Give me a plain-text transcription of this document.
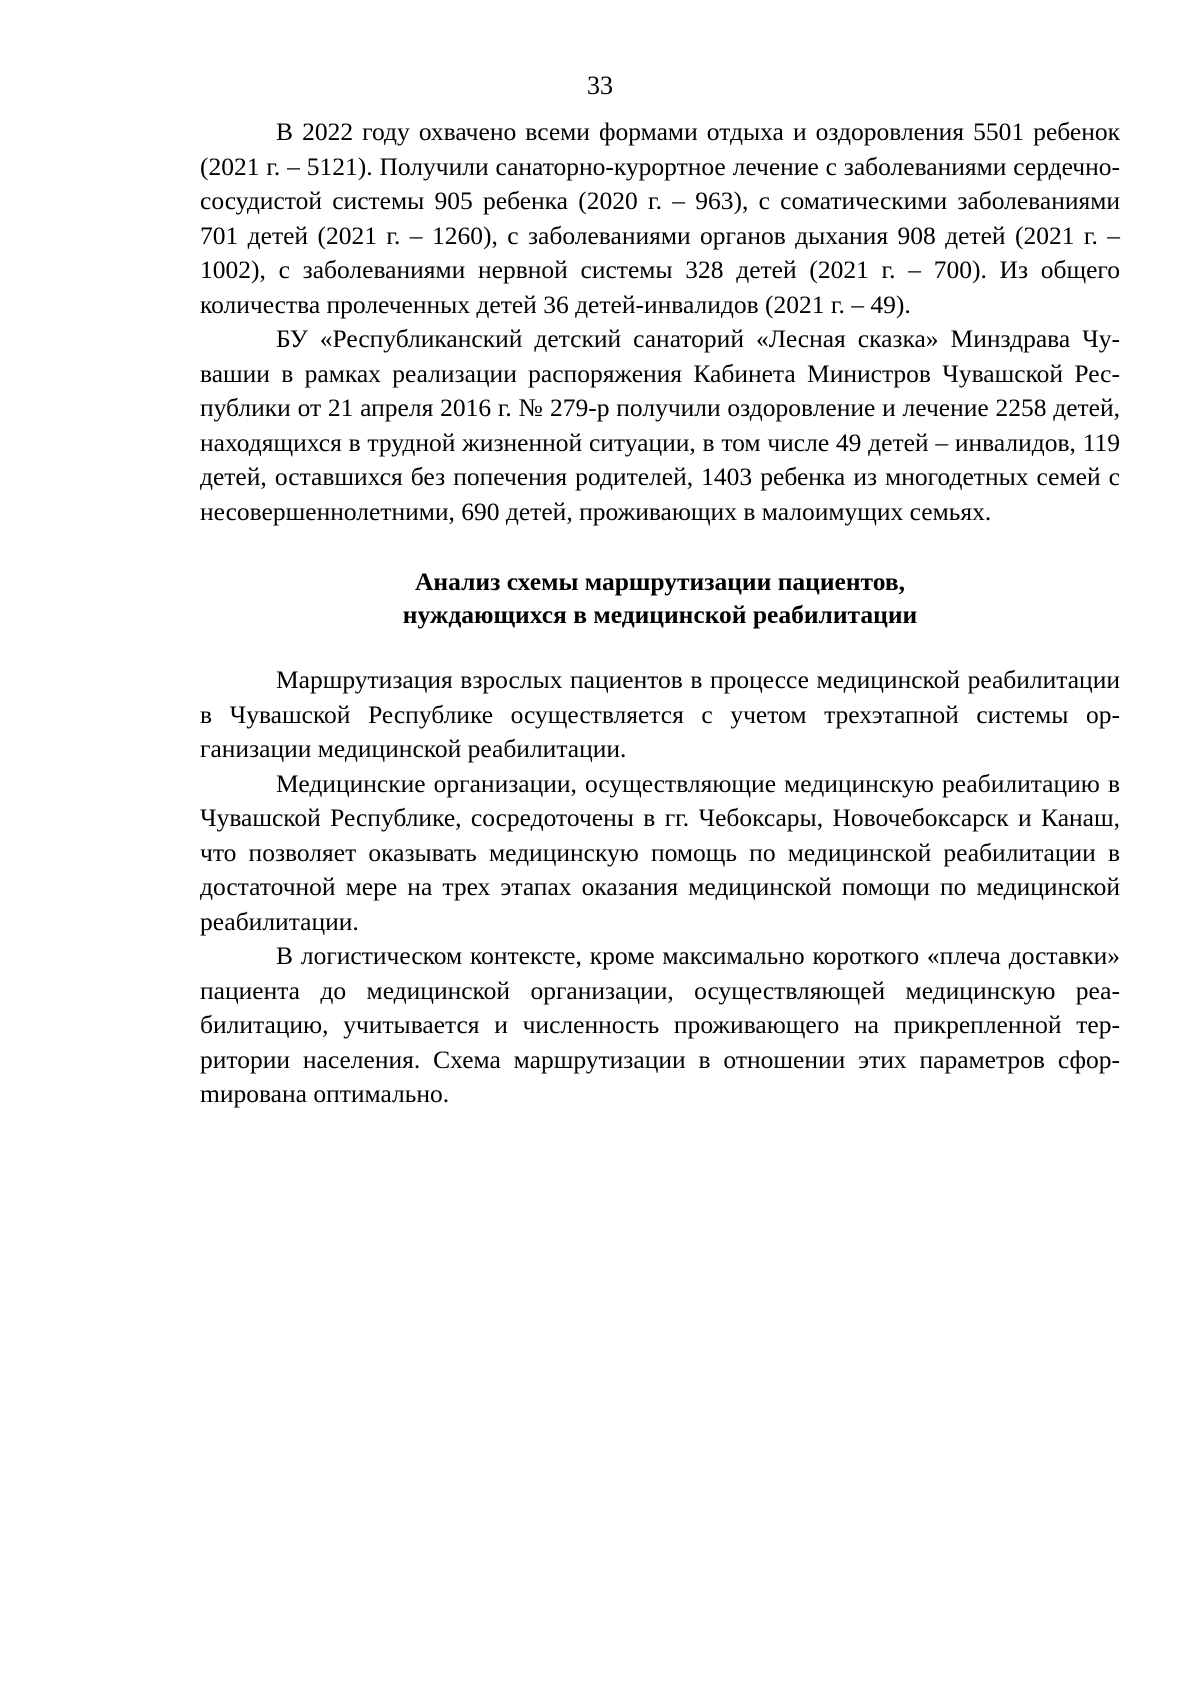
33

В 2022 году охвачено всеми формами отдыха и оздоровления 5501 ребенок (2021 г. – 5121). Получили санаторно-курортное лечение с заболеваниями сердечно-сосудистой системы 905 ребенка (2020 г. – 963), с соматическими заболеваниями 701 детей (2021 г. – 1260), с заболеваниями органов дыхания 908 детей (2021 г. – 1002), с заболеваниями нервной системы 328 детей (2021 г. – 700). Из общего количества пролеченных детей 36 детей-инвалидов (2021 г. – 49).

БУ «Республиканский детский санаторий «Лесная сказка» Минздрава Чувашии в рамках реализации распоряжения Кабинета Министров Чувашской Республики от 21 апреля 2016 г. № 279-р получили оздоровление и лечение 2258 детей, находящихся в трудной жизненной ситуации, в том числе 49 детей – инвалидов, 119 детей, оставшихся без попечения родителей, 1403 ребенка из многодетных семей с несовершеннолетними, 690 детей, проживающих в малоимущих семьях.

Анализ схемы маршрутизации пациентов,
нуждающихся в медицинской реабилитации

Маршрутизация взрослых пациентов в процессе медицинской реабилитации в Чувашской Республике осуществляется с учетом трехэтапной системы организации медицинской реабилитации.

Медицинские организации, осуществляющие медицинскую реабилитацию в Чувашской Республике, сосредоточены в гг. Чебоксары, Новочебоксарск и Канаш, что позволяет оказывать медицинскую помощь по медицинской реабилитации в достаточной мере на трех этапах оказания медицинской помощи по медицинской реабилитации.

В логистическом контексте, кроме максимально короткого «плеча доставки» пациента до медицинской организации, осуществляющей медицинскую реабилитацию, учитывается и численность проживающего на прикрепленной территории населения. Схема маршрутизации в отношении этих параметров сфорmирована оптимально.
